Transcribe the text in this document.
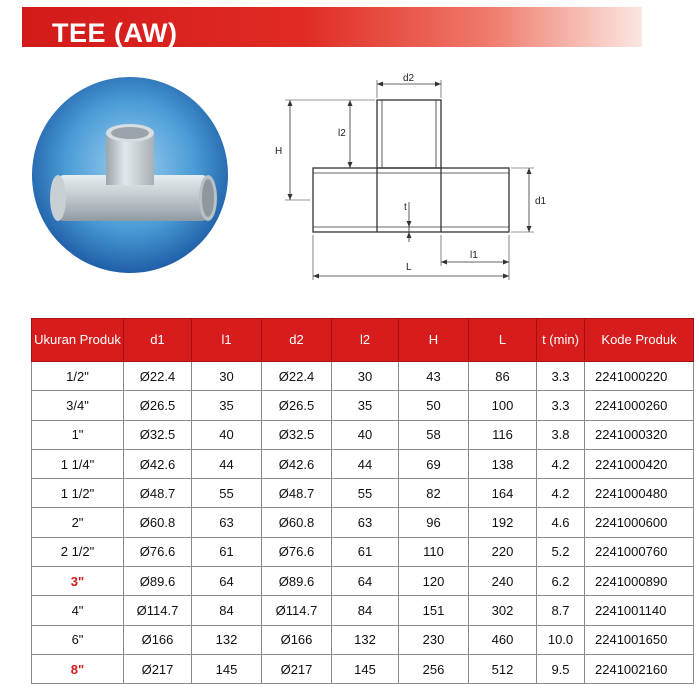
TEE (AW)
d2
H
l2
t
d1
L
l1
Ukuran Produk	d1	l1	d2	l2	H	L	t (min)	Kode Produk
1/2"	Ø22.4	30	Ø22.4	30	43	86	3.3	2241000220
3/4"	Ø26.5	35	Ø26.5	35	50	100	3.3	2241000260
1"	Ø32.5	40	Ø32.5	40	58	116	3.8	2241000320
1 1/4"	Ø42.6	44	Ø42.6	44	69	138	4.2	2241000420
1 1/2"	Ø48.7	55	Ø48.7	55	82	164	4.2	2241000480
2"	Ø60.8	63	Ø60.8	63	96	192	4.6	2241000600
2 1/2"	Ø76.6	61	Ø76.6	61	110	220	5.2	2241000760
3"	Ø89.6	64	Ø89.6	64	120	240	6.2	2241000890
4"	Ø114.7	84	Ø114.7	84	151	302	8.7	2241001140
6"	Ø166	132	Ø166	132	230	460	10.0	2241001650
8"	Ø217	145	Ø217	145	256	512	9.5	2241002160
